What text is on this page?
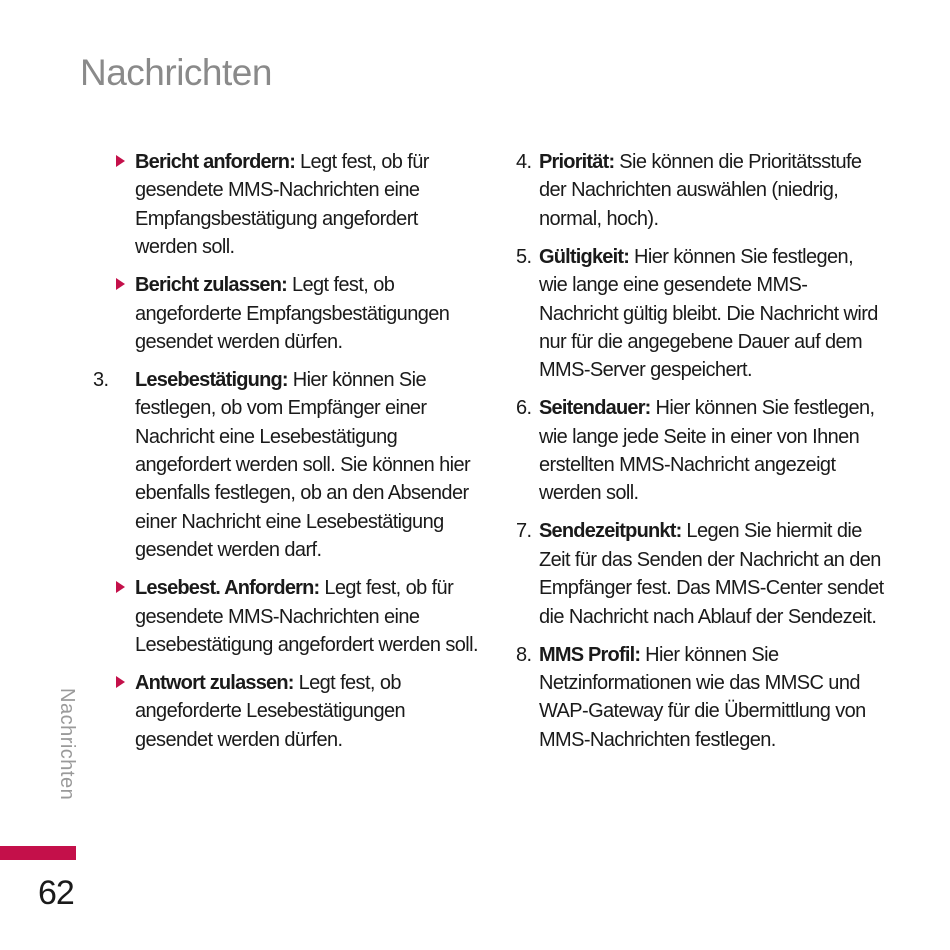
Nachrichten
Bericht anfordern: Legt fest, ob für gesendete MMS-Nachrichten eine Empfangsbestätigung angefordert werden soll.
Bericht zulassen: Legt fest, ob angeforderte Empfangsbestätigungen gesendet werden dürfen.
3. Lesebestätigung: Hier können Sie festlegen, ob vom Empfänger einer Nachricht eine Lesebestätigung angefordert werden soll. Sie können hier ebenfalls festlegen, ob an den Absender einer Nachricht eine Lesebestätigung gesendet werden darf.
Lesebest. Anfordern: Legt fest, ob für gesendete MMS-Nachrichten eine Lesebestätigung angefordert werden soll.
Antwort zulassen: Legt fest, ob angeforderte Lesebestätigungen gesendet werden dürfen.
4. Priorität: Sie können die Prioritätsstufe der Nachrichten auswählen (niedrig, normal, hoch).
5. Gültigkeit: Hier können Sie festlegen, wie lange eine gesendete MMS-Nachricht gültig bleibt. Die Nachricht wird nur für die angegebene Dauer auf dem MMS-Server gespeichert.
6. Seitendauer: Hier können Sie festlegen, wie lange jede Seite in einer von Ihnen erstellten MMS-Nachricht angezeigt werden soll.
7. Sendezeitpunkt: Legen Sie hiermit die Zeit für das Senden der Nachricht an den Empfänger fest. Das MMS-Center sendet die Nachricht nach Ablauf der Sendezeit.
8. MMS Profil: Hier können Sie Netzinformationen wie das MMSC und WAP-Gateway für die Übermittlung von MMS-Nachrichten festlegen.
Nachrichten
62
